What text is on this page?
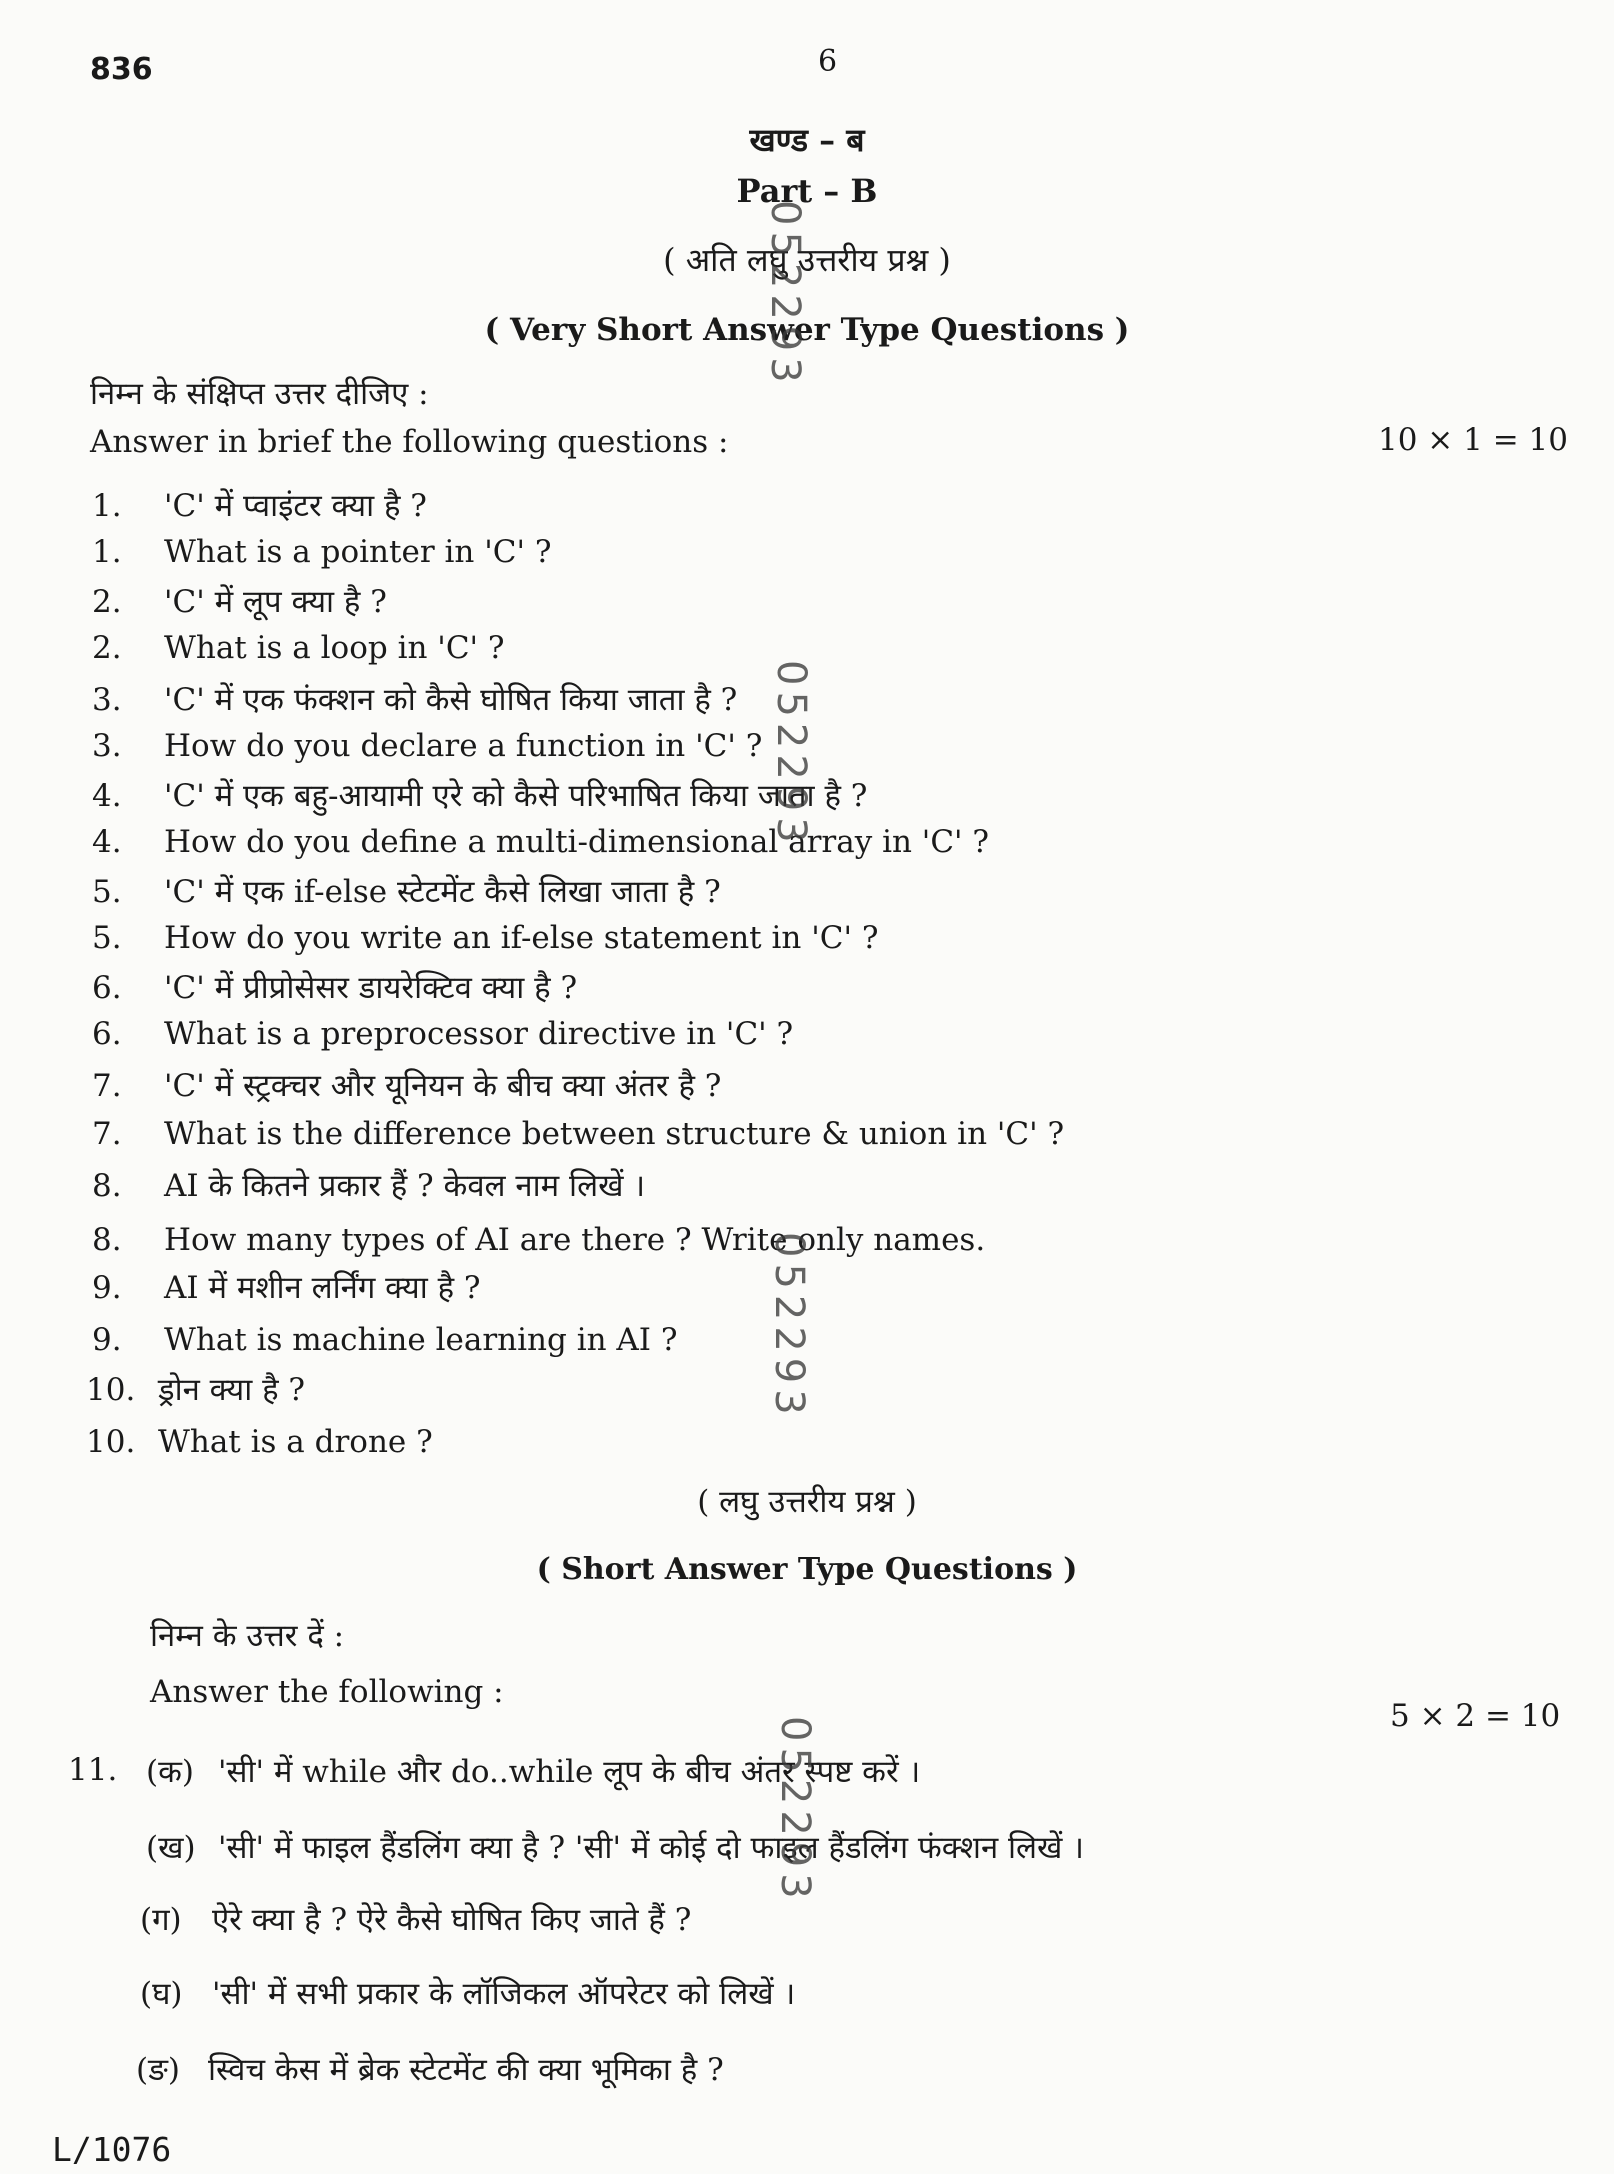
836	6
खण्ड – ब
Part – B
( अति लघु उत्तरीय प्रश्न )
( Very Short Answer Type Questions )
निम्न के संक्षिप्त उत्तर दीजिए :
Answer in brief the following questions :	10 × 1 = 10
1.	'C' में प्वाइंटर क्या है ?
1.	What is a pointer in 'C' ?
2.	'C' में लूप क्या है ?
2.	What is a loop in 'C' ?
3.	'C' में एक फंक्शन को कैसे घोषित किया जाता है ?
3.	How do you declare a function in 'C' ?
4.	'C' में एक बहु-आयामी एरे को कैसे परिभाषित किया जाता है ?
4.	How do you define a multi-dimensional array in 'C' ?
5.	'C' में एक if-else स्टेटमेंट कैसे लिखा जाता है ?
5.	How do you write an if-else statement in 'C' ?
6.	'C' में प्रीप्रोसेसर डायरेक्टिव क्या है ?
6.	What is a preprocessor directive in 'C' ?
7.	'C' में स्ट्रक्चर और यूनियन के बीच क्या अंतर है ?
7.	What is the difference between structure & union in 'C' ?
8.	AI के कितने प्रकार हैं ? केवल नाम लिखें ।
8.	How many types of AI are there ? Write only names.
9.	AI में मशीन लर्निंग क्या है ?
9.	What is machine learning in AI ?
10. ड्रोन क्या है ?
10. What is a drone ?
( लघु उत्तरीय प्रश्न )
( Short Answer Type Questions )
निम्न के उत्तर दें :
Answer the following :
5 × 2 = 10
11. (क) 'सी' में while और do..while लूप के बीच अंतर स्पष्ट करें ।
(ख) 'सी' में फाइल हैंडलिंग क्या है ? 'सी' में कोई दो फाइल हैंडलिंग फंक्शन लिखें ।
(ग) ऐरे क्या है ? ऐरे कैसे घोषित किए जाते हैं ?
(घ) 'सी' में सभी प्रकार के लॉजिकल ऑपरेटर को लिखें ।
(ङ) स्विच केस में ब्रेक स्टेटमेंट की क्या भूमिका है ?
L/1076
052293
052293
052293
052293
